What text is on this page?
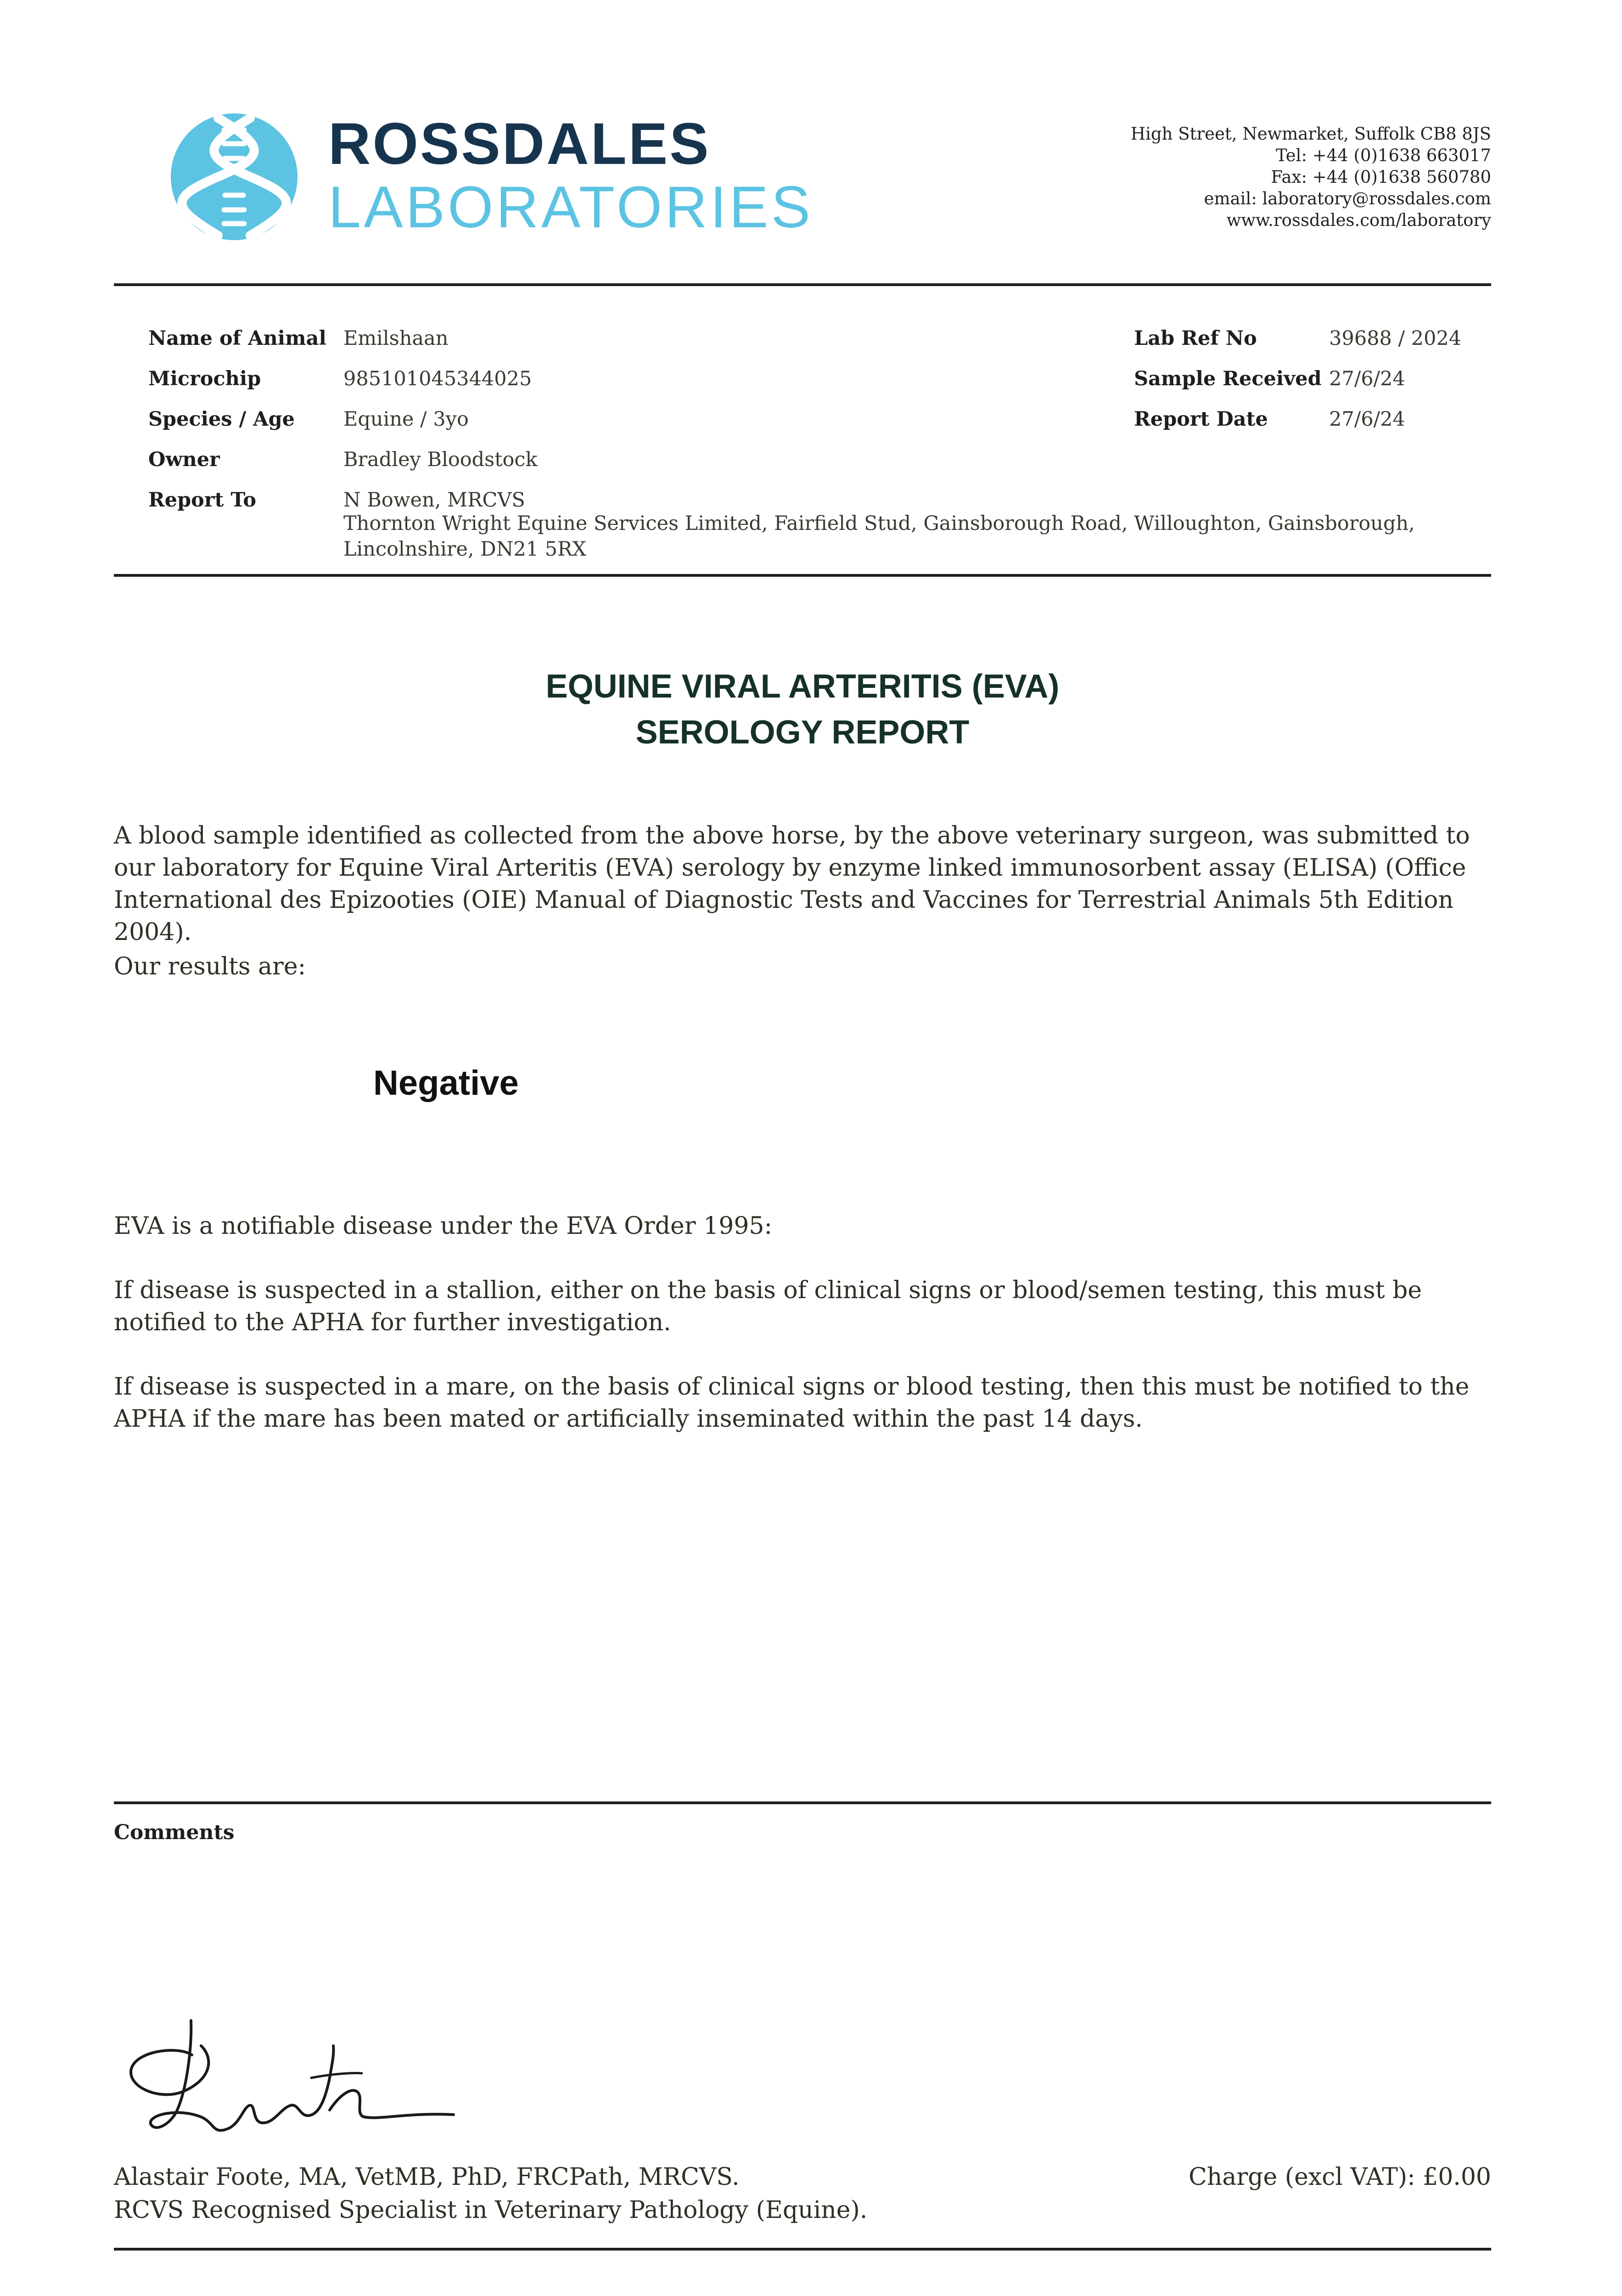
ROSSDALES
LABORATORIES
High Street, Newmarket, Suffolk CB8 8JS
Tel: +44 (0)1638 663017
Fax: +44 (0)1638 560780
email: laboratory@rossdales.com
www.rossdales.com/laboratory
Name of Animal Emilshaan
Microchip	985101045344025
Species / Age Equine / 3yo
Owner	Bradley Bloodstock
Report To	N Bowen, MRCVS
Thornton Wright Equine Services Limited, Fairfield Stud, Gainsborough Road, Willoughton, Gainsborough, Lincolnshire, DN21 5RX
Lab Ref No	39688 / 2024
Sample Received 27/6/24
Report Date	27/6/24
EQUINE VIRAL ARTERITIS (EVA)
SEROLOGY REPORT
A blood sample identified as collected from the above horse, by the above veterinary surgeon, was submitted to our laboratory for Equine Viral Arteritis (EVA) serology by enzyme linked immunosorbent assay (ELISA) (Office International des Epizooties (OIE) Manual of Diagnostic Tests and Vaccines for Terrestrial Animals 5th Edition 2004).
Our results are:
Negative
EVA is a notifiable disease under the EVA Order 1995:
If disease is suspected in a stallion, either on the basis of clinical signs or blood/semen testing, this must be notified to the APHA for further investigation.
If disease is suspected in a mare, on the basis of clinical signs or blood testing, then this must be notified to the APHA if the mare has been mated or artificially inseminated within the past 14 days.
Comments
Alastair Foote, MA, VetMB, PhD, FRCPath, MRCVS.
RCVS Recognised Specialist in Veterinary Pathology (Equine).
Charge (excl VAT): £0.00
